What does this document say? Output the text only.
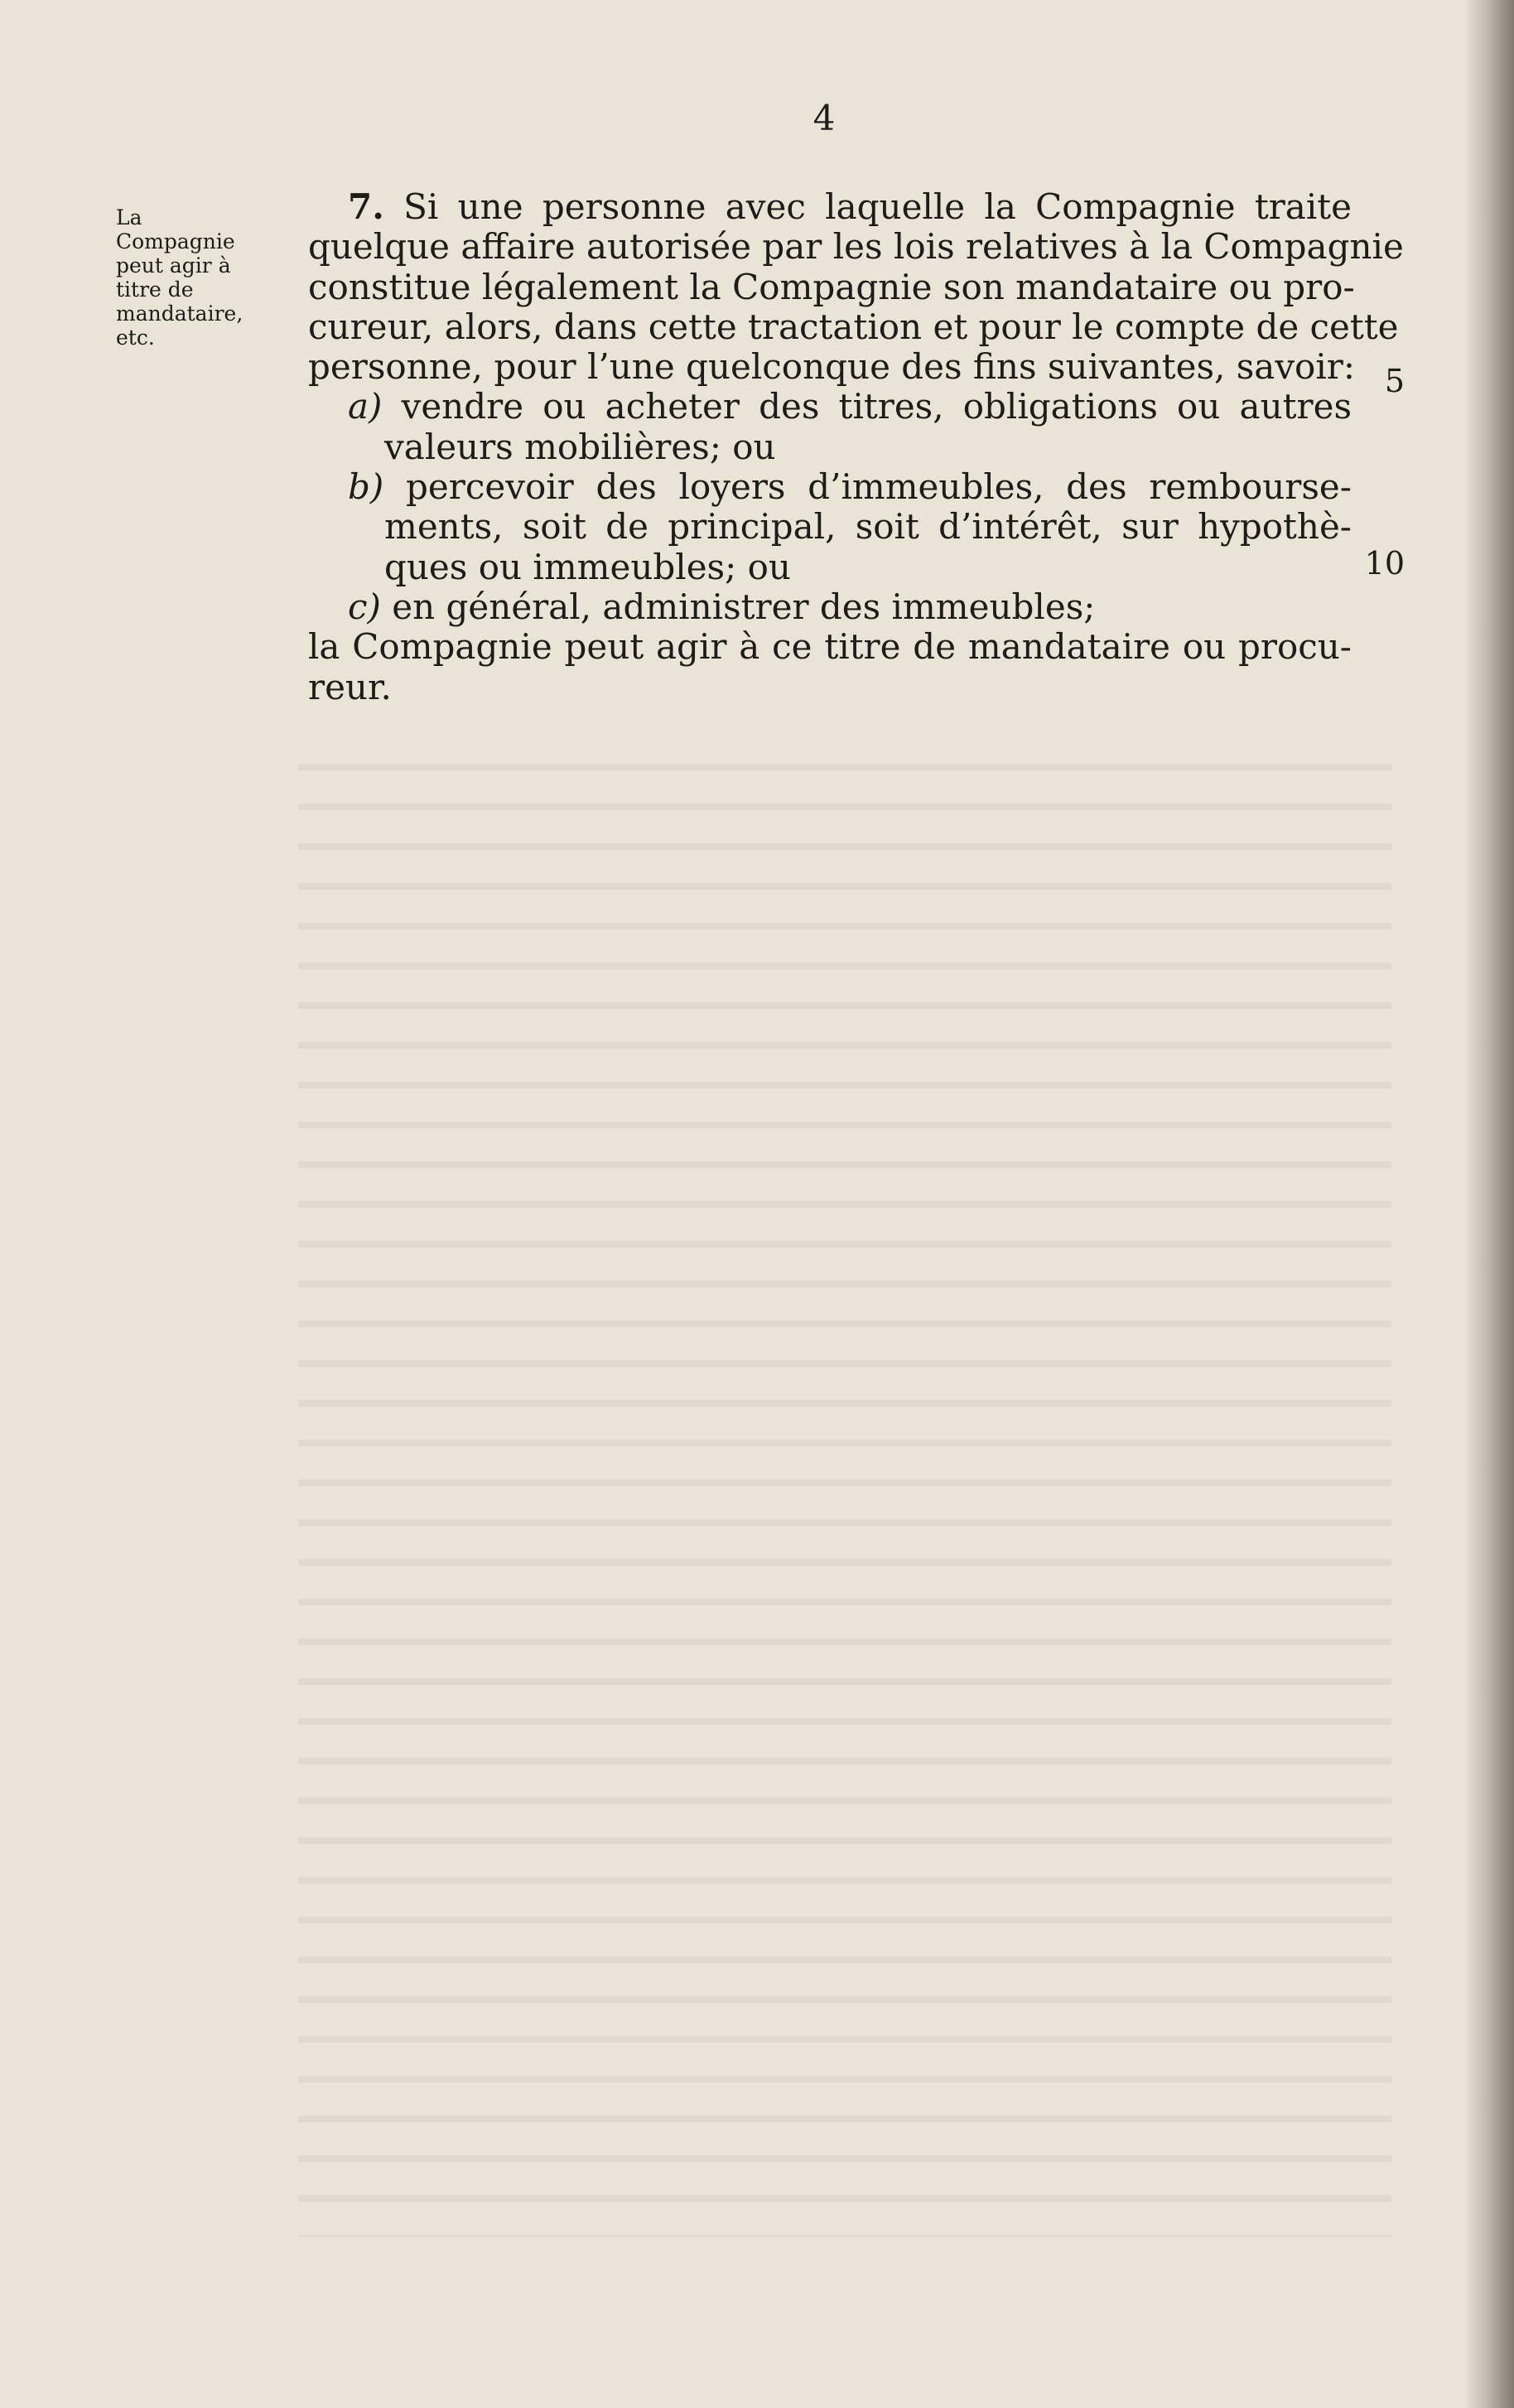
4
La
Compagnie
peut agir à
titre de
mandataire,
etc.
7. Si une personne avec laquelle la Compagnie traite
quelque affaire autorisée par les lois relatives à la Compagnie
constitue légalement la Compagnie son mandataire ou pro-
cureur, alors, dans cette tractation et pour le compte de cette
personne, pour l’une quelconque des fins suivantes, savoir:
a) vendre ou acheter des titres, obligations ou autres
valeurs mobilières; ou
b) percevoir des loyers d’immeubles, des rembourse-
ments, soit de principal, soit d’intérêt, sur hypothè-
ques ou immeubles; ou
c) en général, administrer des immeubles;
la Compagnie peut agir à ce titre de mandataire ou procu-
reur.
5
10
